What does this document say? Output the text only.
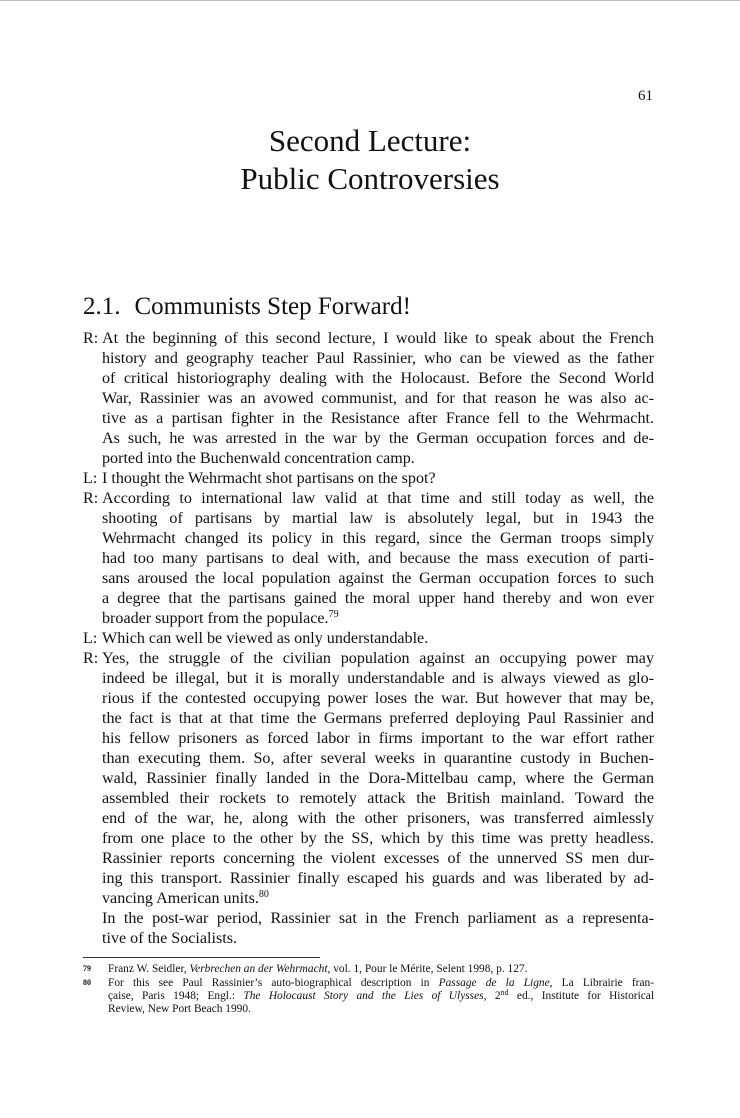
61
Second Lecture:
Public Controversies
2.1. Communists Step Forward!
R: At the beginning of this second lecture, I would like to speak about the French
history and geography teacher Paul Rassinier, who can be viewed as the father
of critical historiography dealing with the Holocaust. Before the Second World
War, Rassinier was an avowed communist, and for that reason he was also ac-
tive as a partisan fighter in the Resistance after France fell to the Wehrmacht.
As such, he was arrested in the war by the German occupation forces and de-
ported into the Buchenwald concentration camp.
L: I thought the Wehrmacht shot partisans on the spot?
R: According to international law valid at that time and still today as well, the
shooting of partisans by martial law is absolutely legal, but in 1943 the
Wehrmacht changed its policy in this regard, since the German troops simply
had too many partisans to deal with, and because the mass execution of parti-
sans aroused the local population against the German occupation forces to such
a degree that the partisans gained the moral upper hand thereby and won ever
broader support from the populace.$^{79}$
L: Which can well be viewed as only understandable.
R: Yes, the struggle of the civilian population against an occupying power may
indeed be illegal, but it is morally understandable and is always viewed as glo-
rious if the contested occupying power loses the war. But however that may be,
the fact is that at that time the Germans preferred deploying Paul Rassinier and
his fellow prisoners as forced labor in firms important to the war effort rather
than executing them. So, after several weeks in quarantine custody in Buchen-
wald, Rassinier finally landed in the Dora-Mittelbau camp, where the German
assembled their rockets to remotely attack the British mainland. Toward the
end of the war, he, along with the other prisoners, was transferred aimlessly
from one place to the other by the SS, which by this time was pretty headless.
Rassinier reports concerning the violent excesses of the unnerved SS men dur-
ing this transport. Rassinier finally escaped his guards and was liberated by ad-
vancing American units.$^{80}$
In the post-war period, Rassinier sat in the French parliament as a representa-
tive of the Socialists.
79	Franz W. Seidler, Verbrechen an der Wehrmacht, vol. 1, Pour le Mérite, Selent 1998, p. 127.
80	For this see Paul Rassinier’s auto-biographical description in Passage de la Ligne, La Librairie fran-
çaise, Paris 1948; Engl.: The Holocaust Story and the Lies of Ulysses, 2nd ed., Institute for Historical
Review, New Port Beach 1990.
